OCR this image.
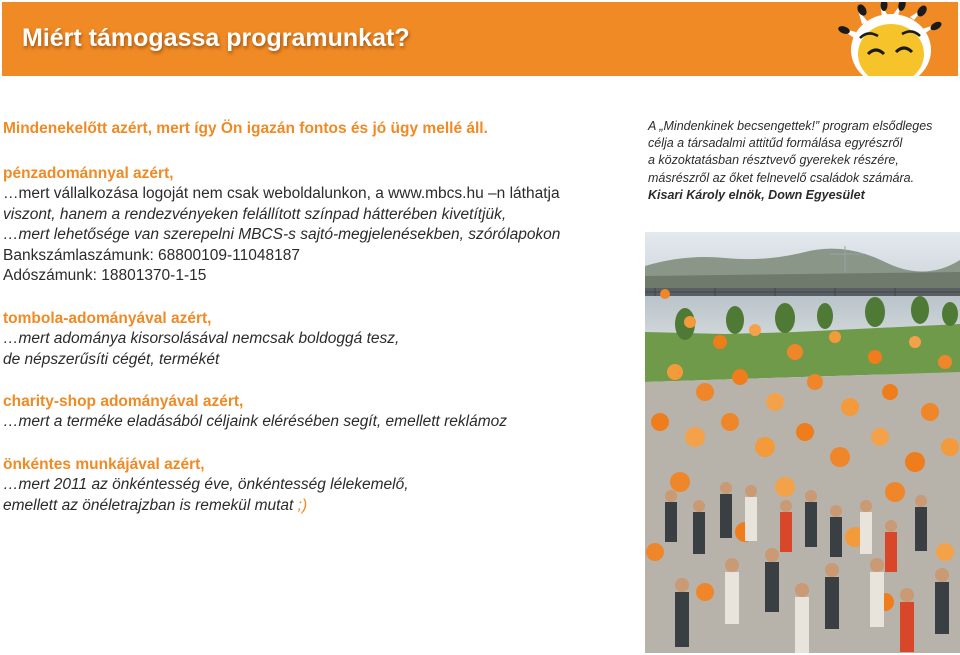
Miért támogassa programunkat?

Mindenekelőtt azért, mert így Ön igazán fontos és jó ügy mellé áll.

pénzadománnyal azért,

…mert vállalkozása logoját nem csak weboldalunkon, a www.mbcs.hu –n láthatja

viszont, hanem a rendezvényeken felállított színpad hátterében kivetítjük,

…mert lehetősége van szerepelni MBCS-s sajtó-megjelenésekben, szórólapokon

Bankszámlaszámunk: 68800109-11048187

Adószámunk: 18801370-1-15

tombola-adományával azért,

…mert adománya kisorsolásával nemcsak boldoggá tesz,

de népszerűsíti cégét, termékét

charity-shop adományával azért,

…mert a terméke eladásából céljaink elérésében segít, emellett reklámoz

önkéntes munkájával azért,

…mert 2011 az önkéntesség éve, önkéntesség lélekemelő,

emellett az önéletrajzban is remekül mutat ;)

A „Mindenkinek becsengettek!” program elsődleges
célja a társadalmi attitűd formálása egyrészről
a közoktatásban résztvevő gyerekek részére,
másrészről az őket felnevelő családok számára.
Kisari Károly elnök, Down Egyesület
